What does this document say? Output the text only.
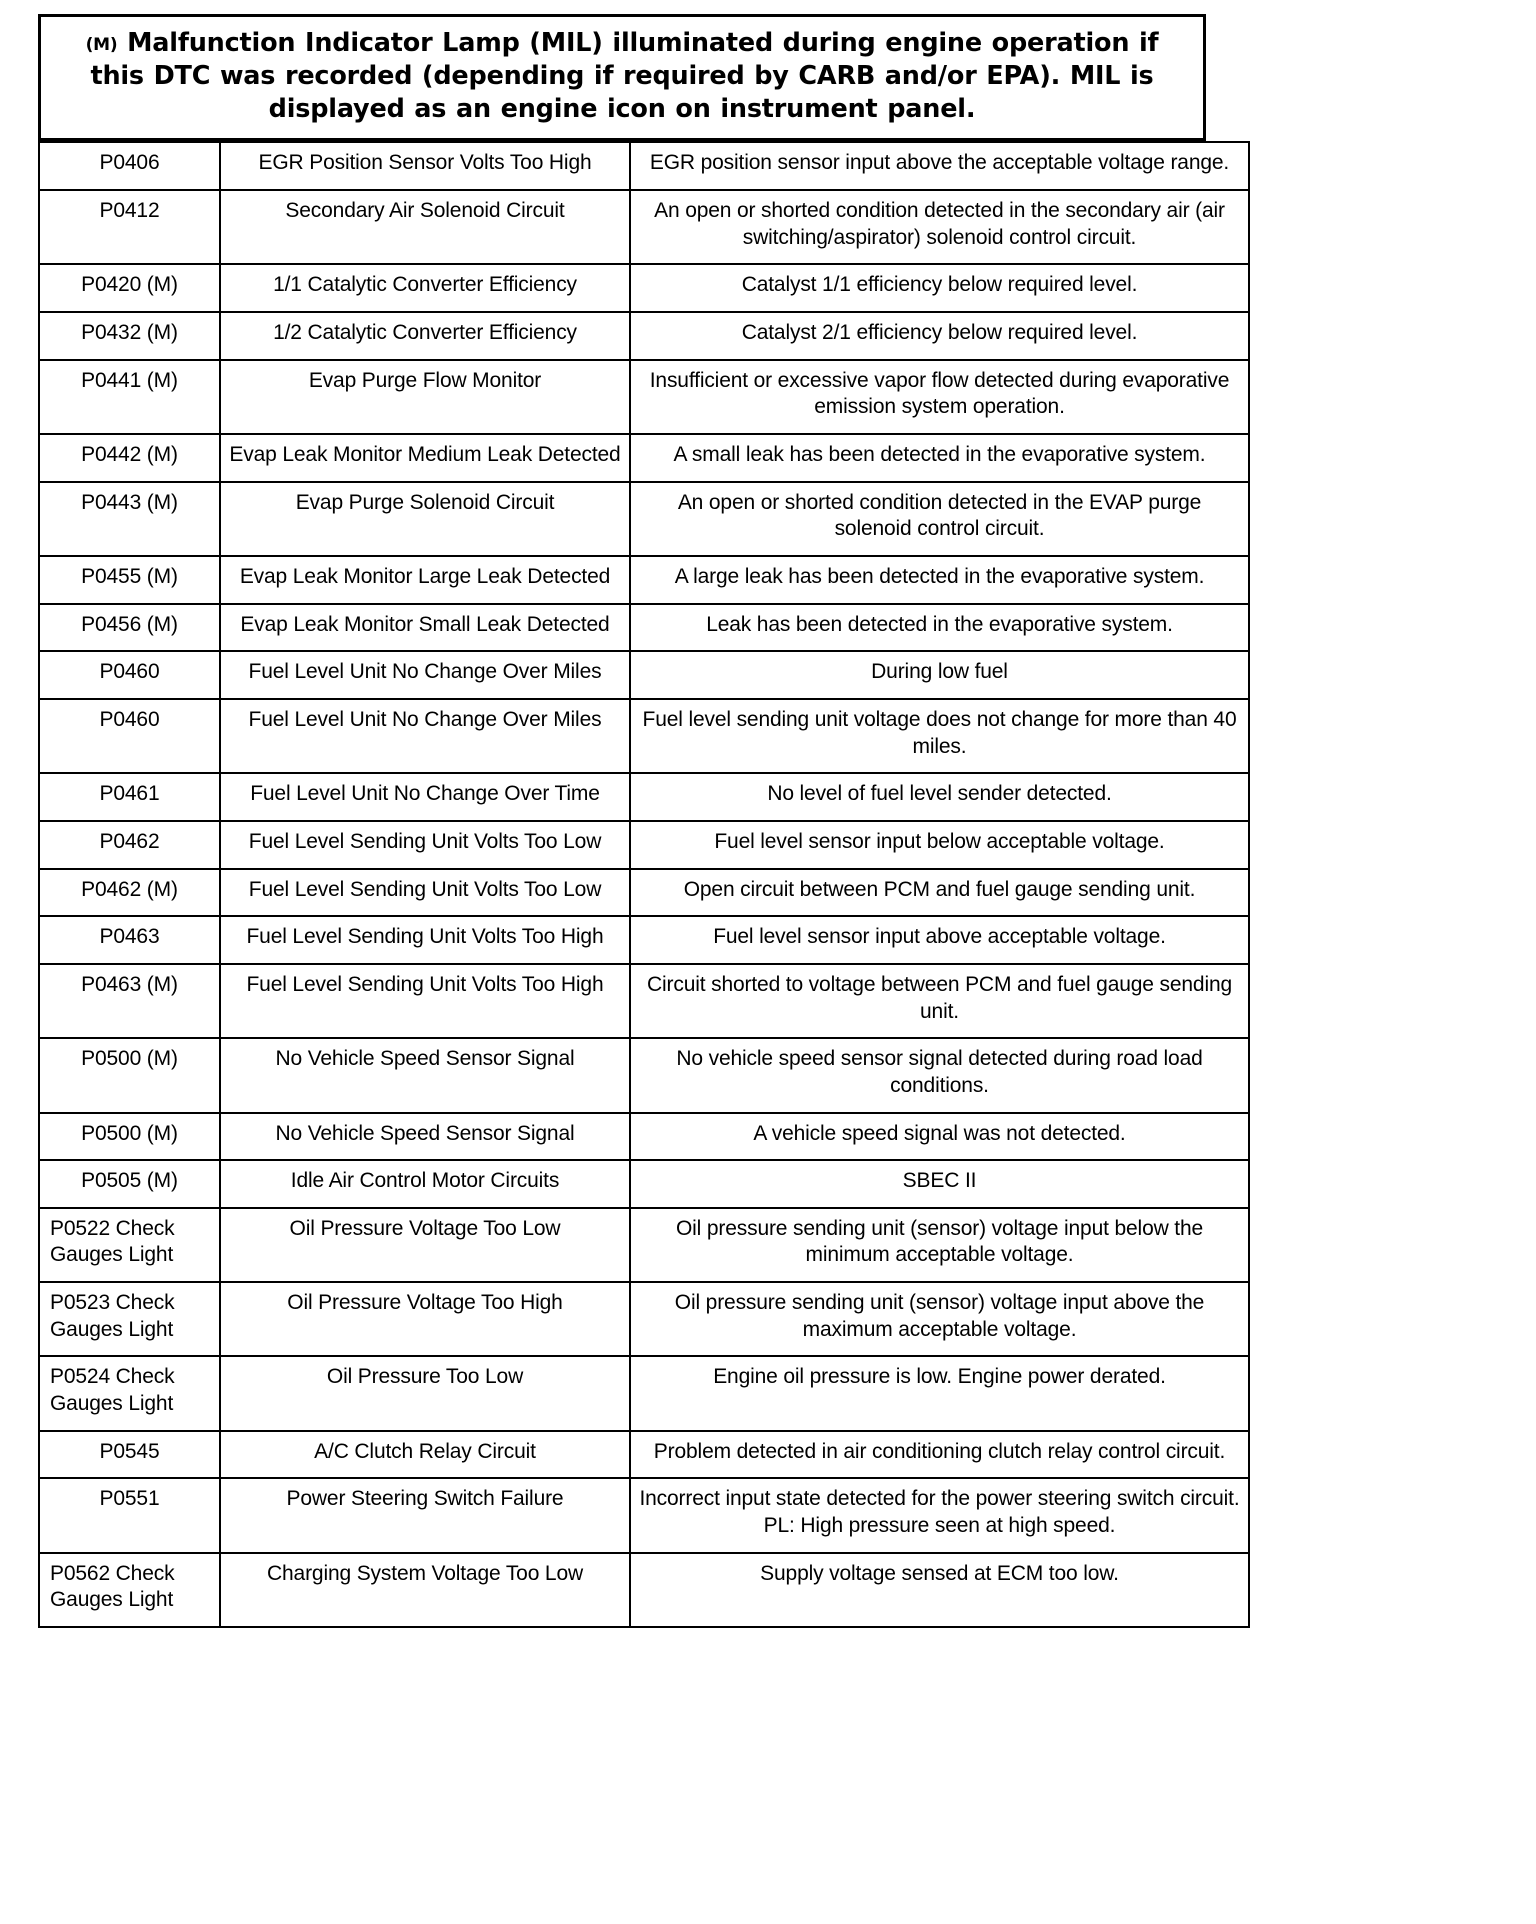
(M) Malfunction Indicator Lamp (MIL) illuminated during engine operation if this DTC was recorded (depending if required by CARB and/or EPA). MIL is displayed as an engine icon on instrument panel.
P0406	EGR Position Sensor Volts Too High	EGR position sensor input above the acceptable voltage range.
P0412	Secondary Air Solenoid Circuit	An open or shorted condition detected in the secondary air (air switching/aspirator) solenoid control circuit.
P0420 (M)	1/1 Catalytic Converter Efficiency	Catalyst 1/1 efficiency below required level.
P0432 (M)	1/2 Catalytic Converter Efficiency	Catalyst 2/1 efficiency below required level.
P0441 (M)	Evap Purge Flow Monitor	Insufficient or excessive vapor flow detected during evaporative emission system operation.
P0442 (M)	Evap Leak Monitor Medium Leak Detected	A small leak has been detected in the evaporative system.
P0443 (M)	Evap Purge Solenoid Circuit	An open or shorted condition detected in the EVAP purge solenoid control circuit.
P0455 (M)	Evap Leak Monitor Large Leak Detected	A large leak has been detected in the evaporative system.
P0456 (M)	Evap Leak Monitor Small Leak Detected	Leak has been detected in the evaporative system.
P0460	Fuel Level Unit No Change Over Miles	During low fuel
P0460	Fuel Level Unit No Change Over Miles	Fuel level sending unit voltage does not change for more than 40 miles.
P0461	Fuel Level Unit No Change Over Time	No level of fuel level sender detected.
P0462	Fuel Level Sending Unit Volts Too Low	Fuel level sensor input below acceptable voltage.
P0462 (M)	Fuel Level Sending Unit Volts Too Low	Open circuit between PCM and fuel gauge sending unit.
P0463	Fuel Level Sending Unit Volts Too High	Fuel level sensor input above acceptable voltage.
P0463 (M)	Fuel Level Sending Unit Volts Too High	Circuit shorted to voltage between PCM and fuel gauge sending unit.
P0500 (M)	No Vehicle Speed Sensor Signal	No vehicle speed sensor signal detected during road load conditions.
P0500 (M)	No Vehicle Speed Sensor Signal	A vehicle speed signal was not detected.
P0505 (M)	Idle Air Control Motor Circuits	SBEC II
P0522 Check Gauges Light	Oil Pressure Voltage Too Low	Oil pressure sending unit (sensor) voltage input below the minimum acceptable voltage.
P0523 Check Gauges Light	Oil Pressure Voltage Too High	Oil pressure sending unit (sensor) voltage input above the maximum acceptable voltage.
P0524 Check Gauges Light	Oil Pressure Too Low	Engine oil pressure is low. Engine power derated.
P0545	A/C Clutch Relay Circuit	Problem detected in air conditioning clutch relay control circuit.
P0551	Power Steering Switch Failure	Incorrect input state detected for the power steering switch circuit. PL: High pressure seen at high speed.
P0562 Check Gauges Light	Charging System Voltage Too Low	Supply voltage sensed at ECM too low.
